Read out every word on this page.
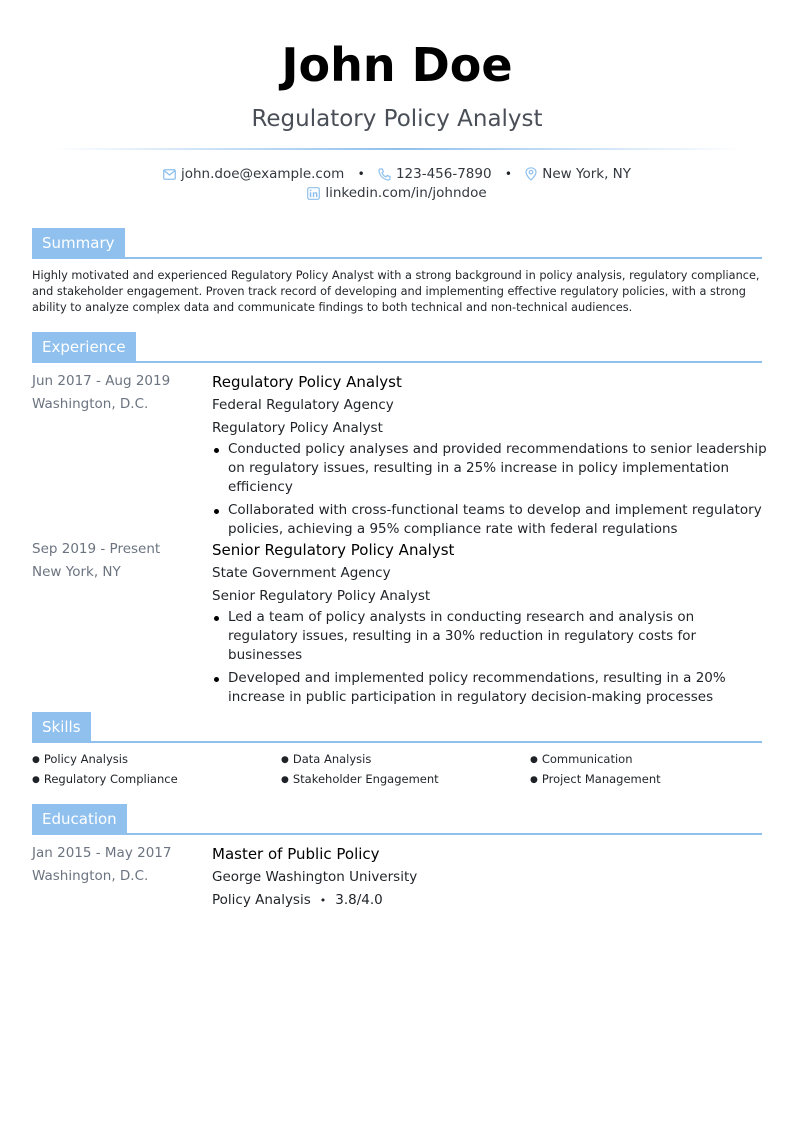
John Doe
Regulatory Policy Analyst
john.doe@example.com • 123-456-7890 • New York, NY
linkedin.com/in/johndoe
Summary
Highly motivated and experienced Regulatory Policy Analyst with a strong background in policy analysis, regulatory compliance, and stakeholder engagement. Proven track record of developing and implementing effective regulatory policies, with a strong ability to analyze complex data and communicate findings to both technical and non-technical audiences.
Experience
Jun 2017 - Aug 2019
Washington, D.C.
Regulatory Policy Analyst
Federal Regulatory Agency
Regulatory Policy Analyst
Conducted policy analyses and provided recommendations to senior leadership on regulatory issues, resulting in a 25% increase in policy implementation efficiency
Collaborated with cross-functional teams to develop and implement regulatory policies, achieving a 95% compliance rate with federal regulations
Sep 2019 - Present
New York, NY
Senior Regulatory Policy Analyst
State Government Agency
Senior Regulatory Policy Analyst
Led a team of policy analysts in conducting research and analysis on regulatory issues, resulting in a 30% reduction in regulatory costs for businesses
Developed and implemented policy recommendations, resulting in a 20% increase in public participation in regulatory decision-making processes
Skills
● Policy Analysis	● Data Analysis	● Communication
● Regulatory Compliance	● Stakeholder Engagement	● Project Management
Education
Jan 2015 - May 2017
Washington, D.C.
Master of Public Policy
George Washington University
Policy Analysis • 3.8/4.0
